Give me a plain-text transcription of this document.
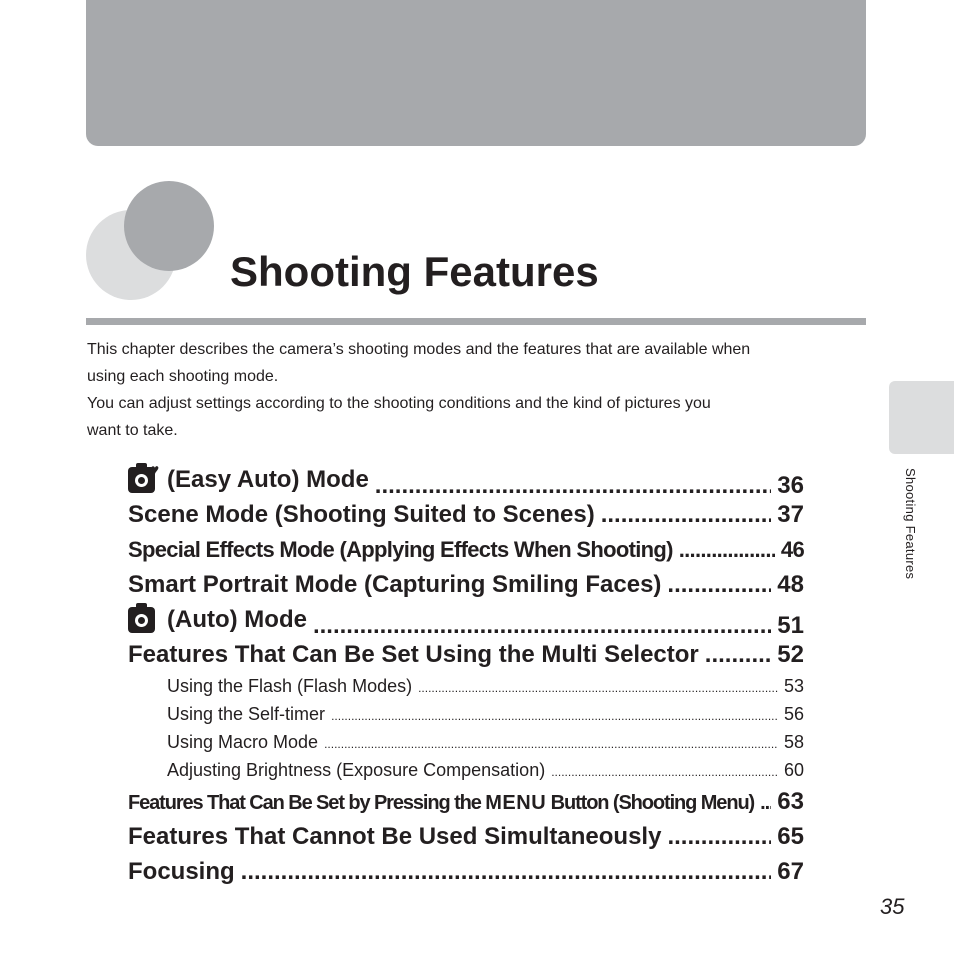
Shooting Features

This chapter describes the camera’s shooting modes and the features that are available when

using each shooting mode.

You can adjust settings according to the shooting conditions and the kind of pictures you

want to take.

Shooting Features
♥ (Easy Auto) Mode .....	36
Scene Mode (Shooting Suited to Scenes) .....	37
Special Effects Mode (Applying Effects When Shooting) .....	46
Smart Portrait Mode (Capturing Smiling Faces) .....	48
(Auto) Mode .....	51
Features That Can Be Set Using the Multi Selector .....	52
Using the Flash (Flash Modes) .....	53
Using the Self-timer .....	56
Using Macro Mode .....	58
Adjusting Brightness (Exposure Compensation) .....	60
Features That Can Be Set by Pressing the
MENU
Button (Shooting Menu) ..... 63
Features That Cannot Be Used Simultaneously .....	65
Focusing .....	67
35
